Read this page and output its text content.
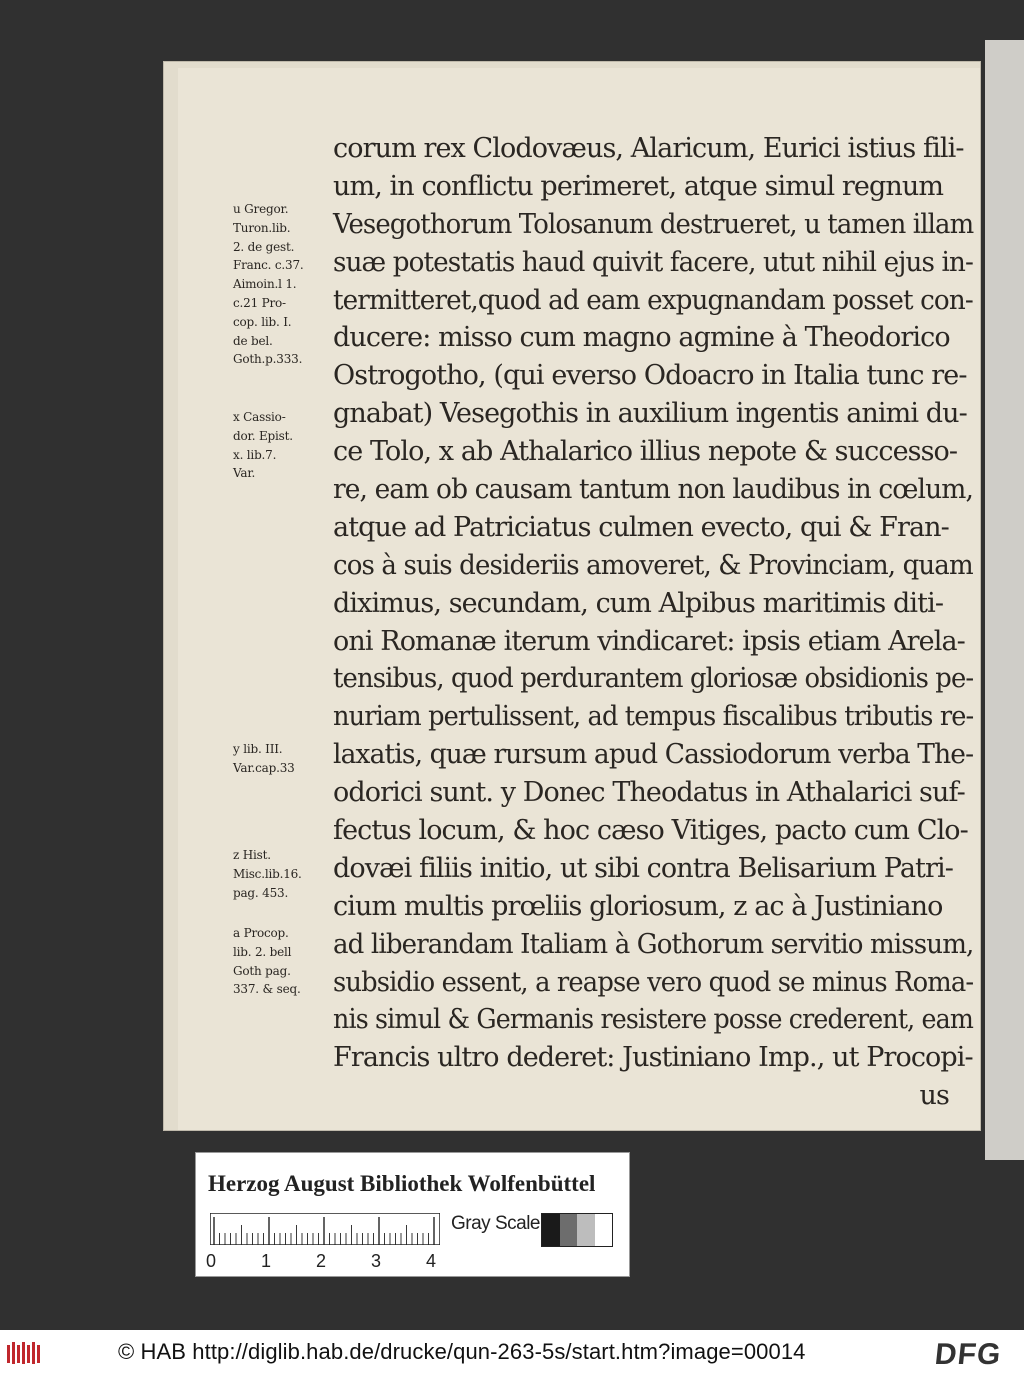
u Gregor.
Turon.lib.
2. de gest.
Franc. c.37.
Aimoin.l 1.
c.21 Pro-
cop. lib. I.
de bel.
Goth.p.333.
x Cassio-
dor. Epist.
x. lib.7.
Var.
y lib. III.
Var.cap.33
z Hist.
Misc.lib.16.
pag. 453.
a Procop.
lib. 2. bell
Goth pag.
337. & seq.
corum rex Clodovæus, Alaricum, Eurici istius fili-
um, in conflictu perimeret, atque simul regnum
Vesegothorum Tolosanum destrueret, u tamen illam
suæ potestatis haud quivit facere, utut nihil ejus in-
termitteret,quod ad eam expugnandam posset con-
ducere: misso cum magno agmine à Theodorico
Ostrogotho, (qui everso Odoacro in Italia tunc re-
gnabat) Vesegothis in auxilium ingentis animi du-
ce Tolo, x ab Athalarico illius nepote & successo-
re, eam ob causam tantum non laudibus in cœlum,
atque ad Patriciatus culmen evecto, qui & Fran-
cos à suis desideriis amoveret, & Provinciam, quam
diximus, secundam, cum Alpibus maritimis diti-
oni Romanæ iterum vindicaret: ipsis etiam Arela-
tensibus, quod perdurantem gloriosæ obsidionis pe-
nuriam pertulissent, ad tempus fiscalibus tributis re-
laxatis, quæ rursum apud Cassiodorum verba The-
odorici sunt. y Donec Theodatus in Athalarici suf-
fectus locum, & hoc cæso Vitiges, pacto cum Clo-
dovæi filiis initio, ut sibi contra Belisarium Patri-
cium multis prœliis gloriosum, z ac à Justiniano
ad liberandam Italiam à Gothorum servitio missum,
subsidio essent, a reapse vero quod se minus Roma-
nis simul & Germanis resistere posse crederent, eam
Francis ultro dederet: Justiniano Imp., ut Procopi-
us
Herzog August Bibliothek Wolfenbüttel
0 1 2 3 4
Gray Scale
© HAB http://diglib.hab.de/drucke/qun-263-5s/start.htm?image=00014	DFG
